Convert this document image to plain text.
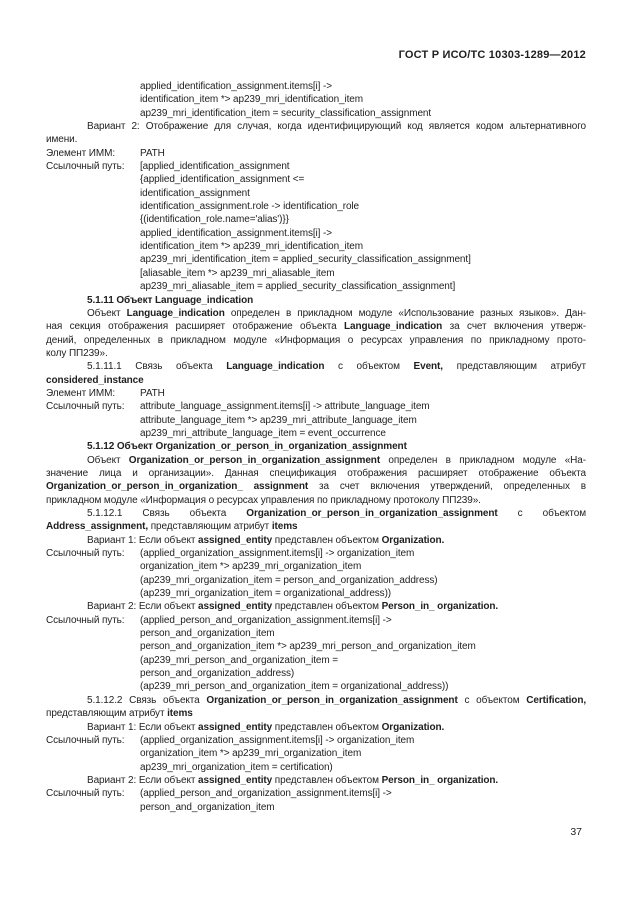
ГОСТ Р ИСО/ТС 10303-1289—2012
applied_identification_assignment.items[i] ->
identification_item *> ap239_mri_identification_item
ap239_mri_identification_item = security_classification_assignment
Вариант 2: Отображение для случая, когда идентифицирующий код является кодом альтернативного
имени.
Элемент ИММ:	PATH
Ссылочный путь: [applied_identification_assignment
{applied_identification_assignment <=
identification_assignment
identification_assignment.role -> identification_role
{(identification_role.name='alias')}}
applied_identification_assignment.items[i] ->
identification_item *> ap239_mri_identification_item
ap239_mri_identification_item = applied_security_classification_assignment]
[aliasable_item *> ap239_mri_aliasable_item
ap239_mri_aliasable_item = applied_security_classification_assignment]
5.1.11 Объект Language_indication
Объект Language_indication определен в прикладном модуле «Использование разных языков». Дан-
ная секция отображения расширяет отображение объекта Language_indication за счет включения утверж-
дений, определенных в прикладном модуле «Информация о ресурсах управления по прикладному прото-
колу ПП239».
5.1.11.1 Связь объекта Language_indication с объектом Event, представляющим атрибут
considered_instance
Элемент ИММ:	PATH
Ссылочный путь: attribute_language_assignment.items[i] -> attribute_language_item
attribute_language_item *> ap239_mri_attribute_language_item
ap239_mri_attribute_language_item = event_occurrence
5.1.12 Объект Organization_or_person_in_organization_assignment
Объект Organization_or_person_in_organization_assignment определен в прикладном модуле «На-
значение лица и организации». Данная спецификация отображения расширяет отображение объекта
Organization_or_person_in_organization_ assignment за счет включения утверждений, определенных в
прикладном модуле «Информация о ресурсах управления по прикладному протоколу ПП239».
5.1.12.1 Связь объекта Organization_or_person_in_organization_assignment с объектом
Address_assignment, представляющим атрибут items
Вариант 1: Если объект assigned_entity представлен объектом Organization.
Ссылочный путь: (applied_organization_assignment.items[i] -> organization_item
organization_item *> ap239_mri_organization_item
(ap239_mri_organization_item = person_and_organization_address)
(ap239_mri_organization_item = organizational_address))
Вариант 2: Если объект assigned_entity представлен объектом Person_in_ organization.
Ссылочный путь: (applied_person_and_organization_assignment.items[i] ->
person_and_organization_item
person_and_organization_item *> ap239_mri_person_and_organization_item
(ap239_mri_person_and_organization_item =
person_and_organization_address)
(ap239_mri_person_and_organization_item = organizational_address))
5.1.12.2 Связь объекта Organization_or_person_in_organization_assignment с объектом Certification,
представляющим атрибут items
Вариант 1: Если объект assigned_entity представлен объектом Organization.
Ссылочный путь: (applied_organization_assignment.items[i] -> organization_item
organization_item *> ap239_mri_organization_item
ap239_mri_organization_item = certification)
Вариант 2: Если объект assigned_entity представлен объектом Person_in_ organization.
Ссылочный путь: (applied_person_and_organization_assignment.items[i] ->
person_and_organization_item
37
